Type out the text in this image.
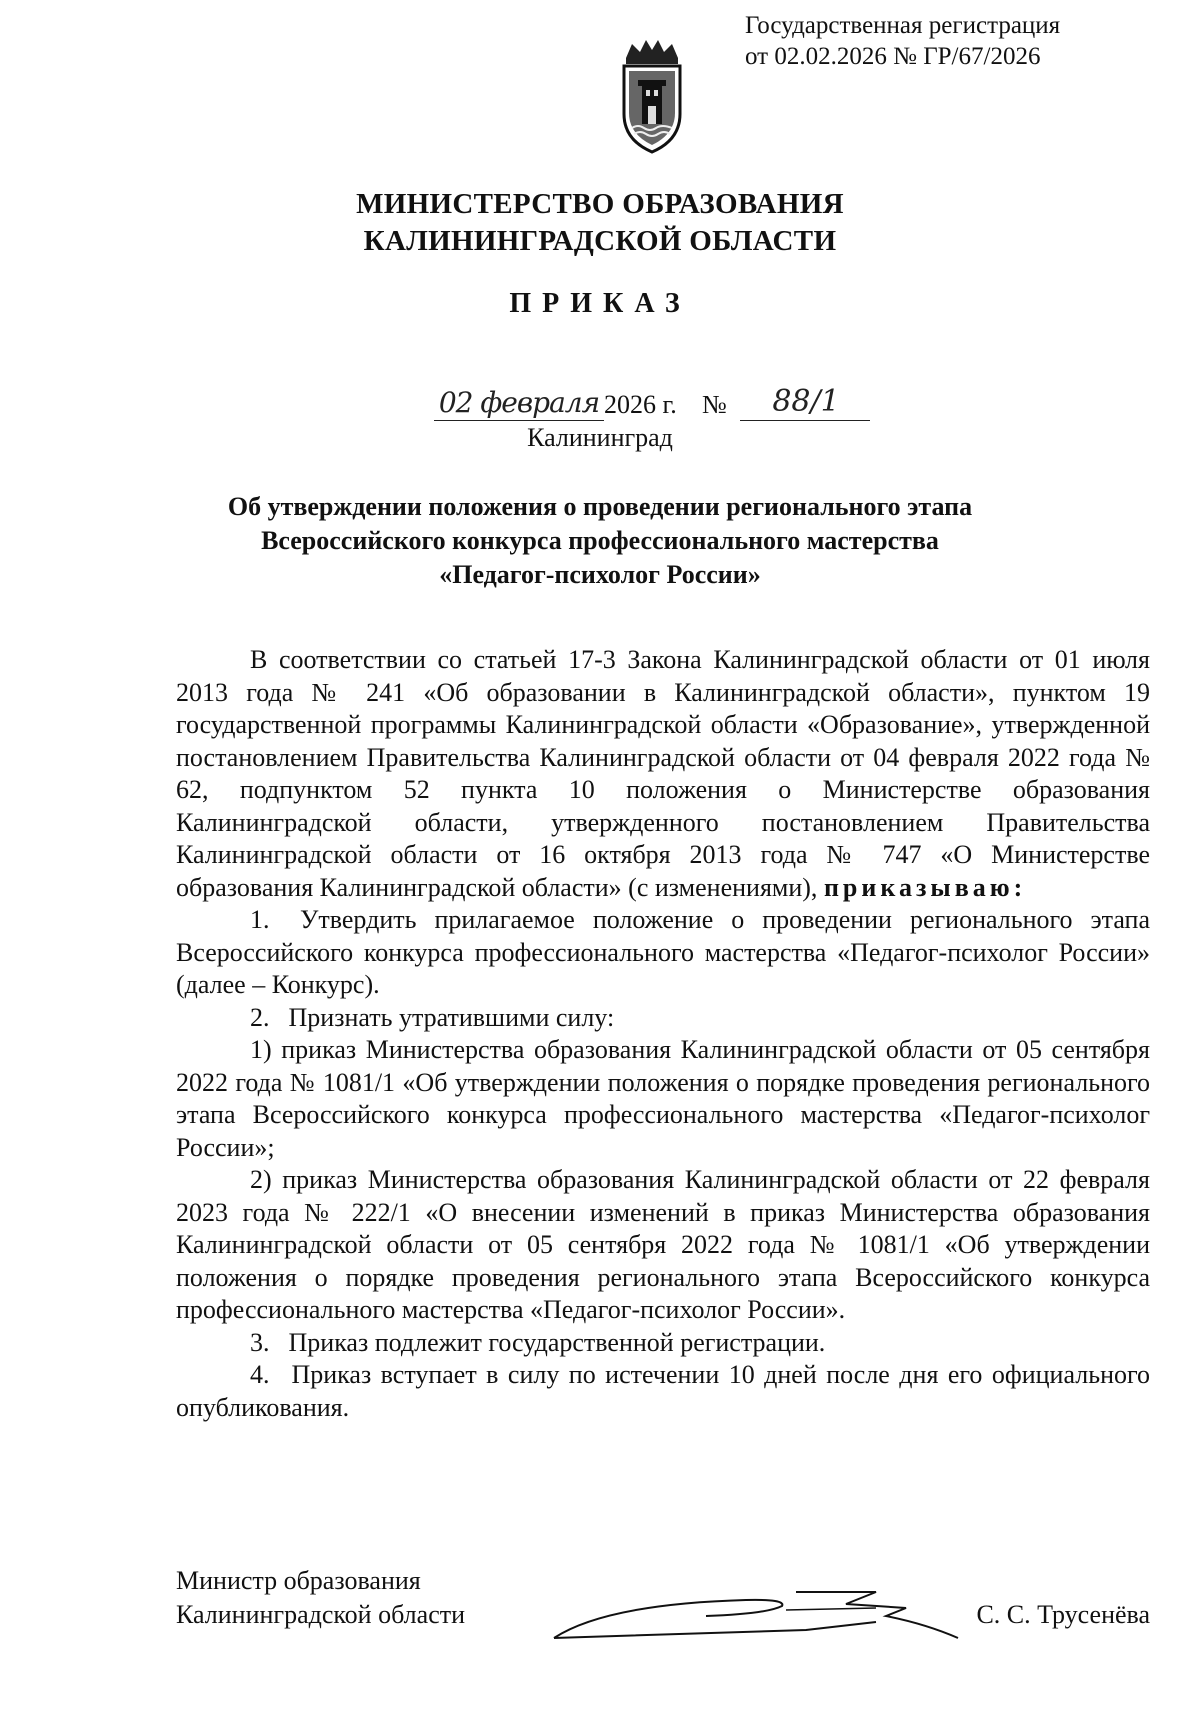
Государственная регистрация
от 02.02.2026 № ГР/67/2026
МИНИСТЕРСТВО ОБРАЗОВАНИЯ
КАЛИНИНГРАДСКОЙ ОБЛАСТИ
ПРИКАЗ
02 февраля 2026 г. №	88/1
Калининград
Об утверждении положения о проведении регионального этапа
Всероссийского конкурса профессионального мастерства
«Педагог-психолог России»

В соответствии со статьей 17-3 Закона Калининградской области от 01 июля 2013 года № 241 «Об образовании в Калининградской области», пунктом 19 государственной программы Калининградской области «Образование», утвержденной постановлением Правительства Калининградской области от 04 февраля 2022 года № 62, подпунктом 52 пункта 10 положения о Министерстве образования Калининградской области, утвержденного постановлением Правительства Калининградской области от 16 октября 2013 года № 747 «О Министерстве образования Калининградской области» (с изменениями), приказываю:

1. Утвердить прилагаемое положение о проведении регионального этапа Всероссийского конкурса профессионального мастерства «Педагог-психолог России» (далее – Конкурс).

2. Признать утратившими силу:

1) приказ Министерства образования Калининградской области от 05 сентября 2022 года № 1081/1 «Об утверждении положения о порядке проведения регионального этапа Всероссийского конкурса профессионального мастерства «Педагог-психолог России»;

2) приказ Министерства образования Калининградской области от 22 февраля 2023 года № 222/1 «О внесении изменений в приказ Министерства образования Калининградской области от 05 сентября 2022 года № 1081/1 «Об утверждении положения о порядке проведения регионального этапа Всероссийского конкурса профессионального мастерства «Педагог-психолог России».

3. Приказ подлежит государственной регистрации.

4. Приказ вступает в силу по истечении 10 дней после дня его официального опубликования.

Министр образования
Калининградской области	С. С. Трусенёва
